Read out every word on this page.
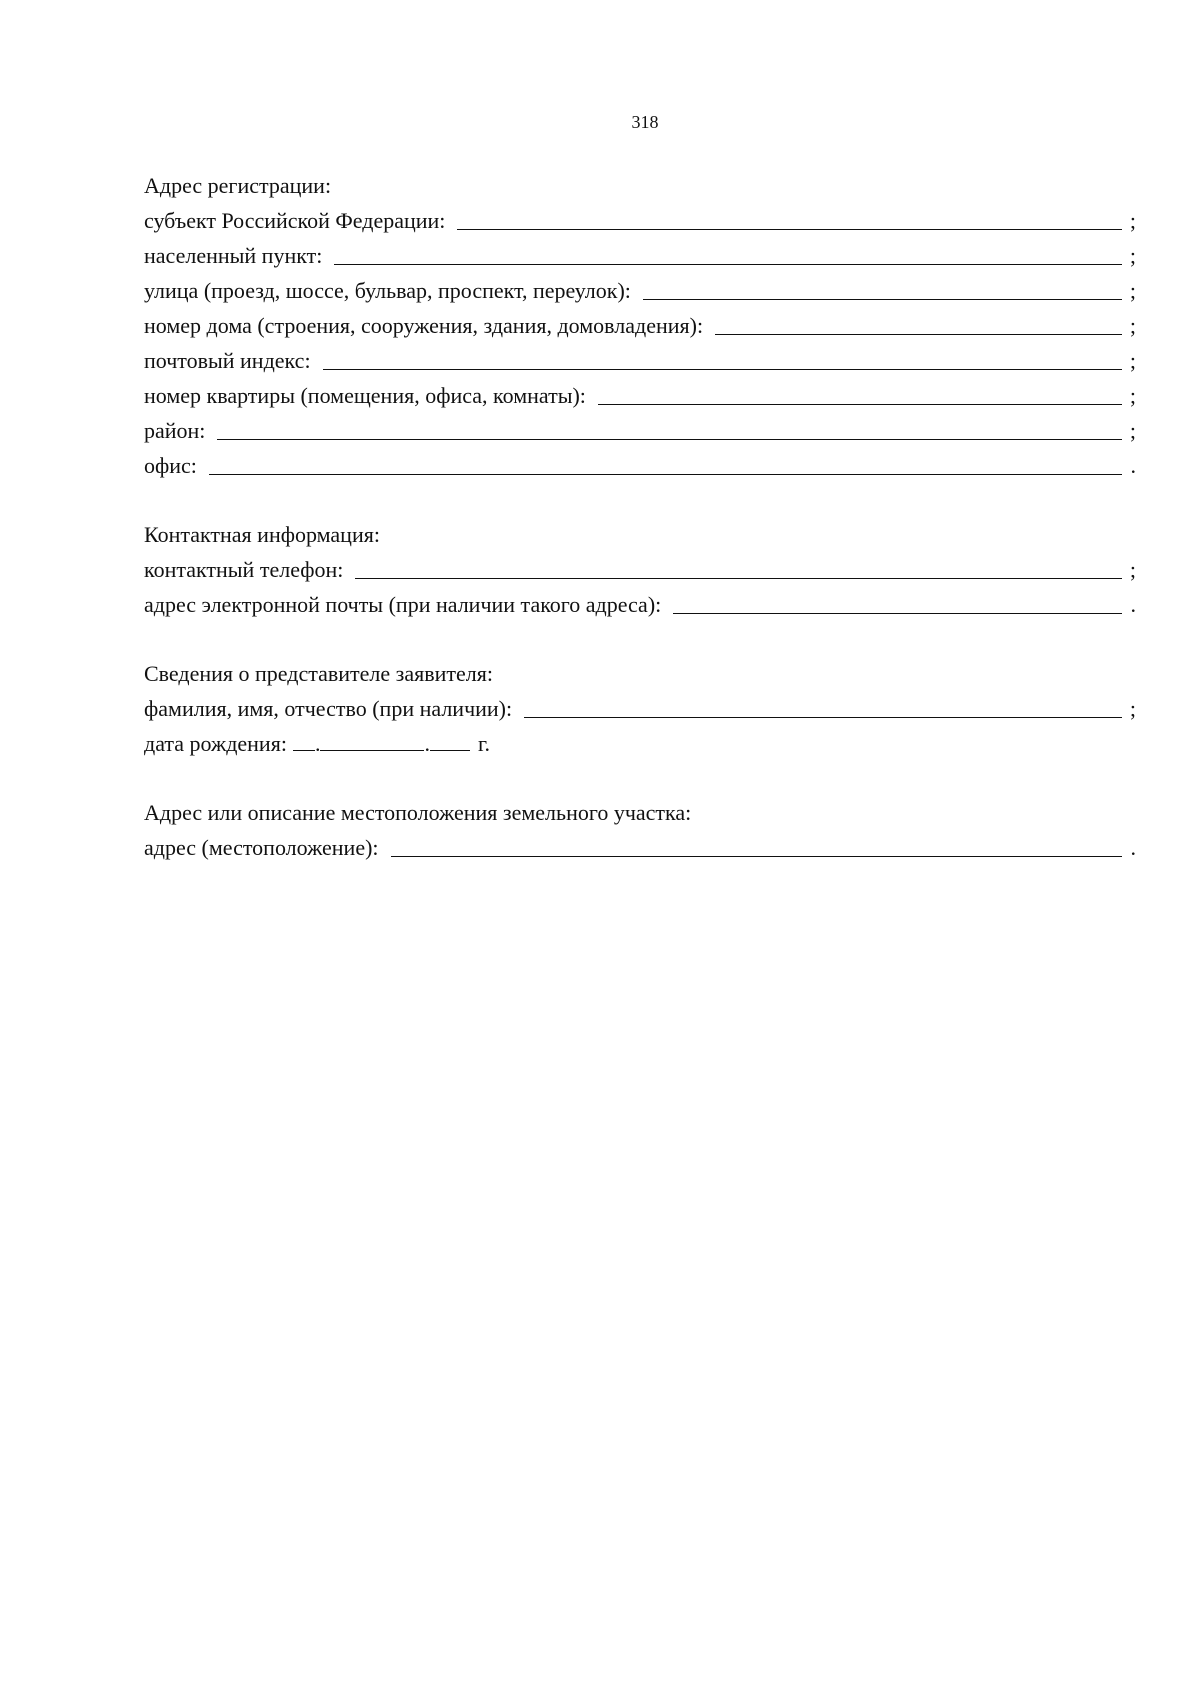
318
Адрес регистрации:
субъект Российской Федерации:	;
населенный пункт:	;
улица (проезд, шоссе, бульвар, проспект, переулок):	;
номер дома (строения, сооружения, здания, домовладения):	;
почтовый индекс:	;
номер квартиры (помещения, офиса, комнаты):	;
район:	;
офис:	.
Контактная информация:
контактный телефон:	;
адрес электронной почты (при наличии такого адреса):	.
Сведения о представителе заявителя:
фамилия, имя, отчество (при наличии):	;
дата рождения: .	. г.
Адрес или описание местоположения земельного участка:
адрес (местоположение):	.
